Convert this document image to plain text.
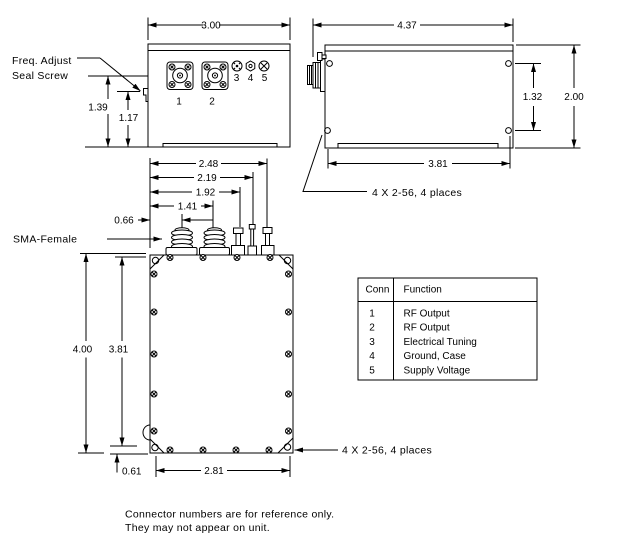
1	2
3 4 5
3.00
1.39
1.17
Freq. Adjust
Seal Screw
4.37
1.32 2.00
3.81
4 X 2-56, 4 places
2.48
2.19
1.92
1.41
0.66
SMA-Female
4.00 3.81
0.61	2.81
4 X 2-56, 4 places
Conn Function
1	RF Output
2	RF Output
3	Electrical Tuning
4	Ground, Case
5	Supply Voltage
Connector numbers are for reference only.
They may not appear on unit.
